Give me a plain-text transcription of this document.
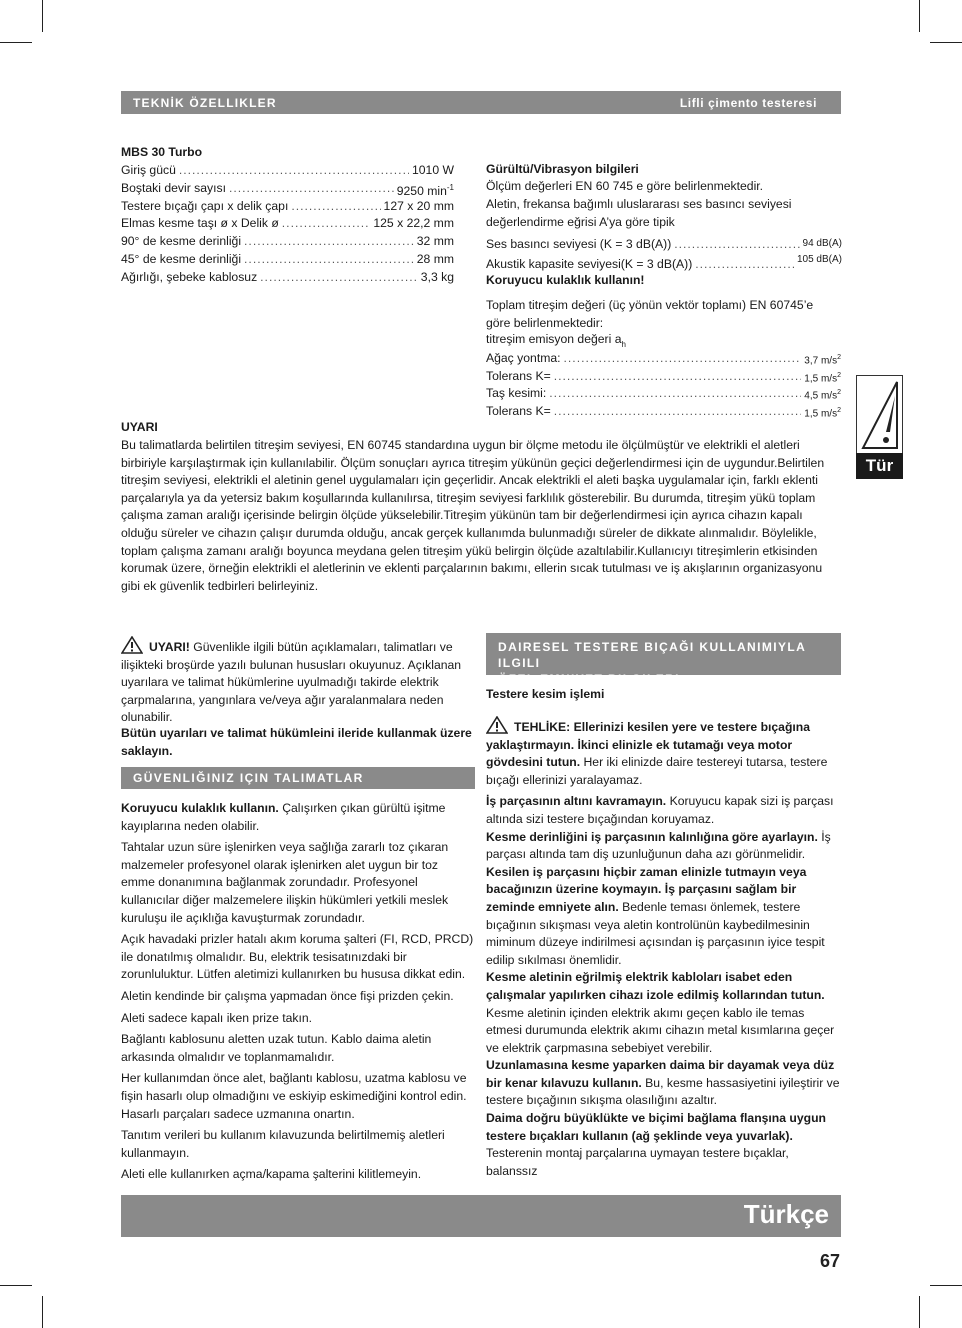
TEKNİK ÖZELLIKLER	Lifli çimento testeresi
MBS 30 Turbo
Giriş gücü .....	1010 W
Boştaki devir sayısı .....	9250 $\min^{-1}$
Testere bıçağı çapı x delik çapı .....	127 x 20 mm
Elmas kesme taşı ø x Delik ø .....	125 x 22,2 mm
90° de kesme derinliği .....	32 mm
45° de kesme derinliği .....	28 mm
Ağırlığı, şebeke kablosuz .....	3,3 kg
Gürültü/Vibrasyon bilgileri
Ölçüm değerleri EN 60 745 e göre belirlenmektedir.
Aletin, frekansa bağımlı uluslararası ses basıncı seviyesi değerlendirme eğrisi A’ya göre tipik
Ses basıncı seviyesi (K = 3 dB(A)) .....	94 dB(A)
Akustik kapasite seviyesi(K = 3 dB(A)) .....	105 dB(A)
Koruyucu kulaklık kullanın!
Toplam titreşim değeri (üç yönün vektör toplamı) EN 60745’e göre belirlenmektedir:
titreşim emisyon değeri $a_h$
Ağaç yontma: .....	3,7 $m/s^2$
Tolerans K= .....	1,5 $m/s^2$
Taş kesimi: .....	4,5 $m/s^2$
Tolerans K= .....	1,5 $m/s^2$
Tür
UYARI
Bu talimatlarda belirtilen titreşim seviyesi, EN 60745 standardına uygun bir ölçme metodu ile ölçülmüştür ve elektrikli el aletleri birbiriyle karşılaştırmak için kullanılabilir. Ölçüm sonuçları ayrıca titreşim yükünün geçici değerlendirmesi için de uygundur.Belirtilen titreşim seviyesi, elektrikli el aletinin genel uygulamaları için geçerlidir. Ancak elektrikli el aleti başka uygulamalar için, farklı eklenti parçalarıyla ya da yetersiz bakım koşullarında kullanılırsa, titreşim seviyesi farklılık gösterebilir. Bu durumda, titreşim yükü toplam çalışma zaman aralığı içerisinde belirgin ölçüde yükselebilir.Titreşim yükünün tam bir değerlendirmesi için ayrıca cihazın kapalı olduğu süreler ve cihazın çalışır durumda olduğu, ancak gerçek kullanımda bulunmadığı süreler de dikkate alınmalıdır. Böylelikle, toplam çalışma zamanı aralığı boyunca meydana gelen titreşim yükü belirgin ölçüde azaltılabilir.Kullanıcıyı titreşimlerin etkisinden korumak üzere, örneğin elektrikli el aletlerinin ve eklenti parçalarının bakımı, ellerin sıcak tutulması ve iş akışlarının organizasyonu gibi ek güvenlik tedbirleri belirleyiniz.
UYARI! Güvenlikle ilgili bütün açıklamaları, talimatları ve ilişikteki broşürde yazılı bulunan hususları okuyunuz. Açıklanan uyarılara ve talimat hükümlerine uyulmadığı takirde elektrik çarpmalarına, yangınlara ve/veya ağır yaralanmalara neden olunabilir.
Bütün uyarıları ve talimat hükümleini ileride kullanmak üzere saklayın.
GÜVENLIĞINIZ IÇIN TALIMATLAR

Koruyucu kulaklık kullanın. Çalışırken çıkan gürültü işitme kayıplarına neden olabilir.

Tahtalar uzun süre işlenirken veya sağlığa zararlı toz çıkaran malzemeler profesyonel olarak işlenirken alet uygun bir toz emme donanımına bağlanmak zorundadır. Profesyonel kullanıcılar diğer malzemelere ilişkin hükümleri yetkili meslek kuruluşu ile açıklığa kavuşturmak zorundadır.

Açık havadaki prizler hatalı akım koruma şalteri (FI, RCD, PRCD) ile donatılmış olmalıdır. Bu, elektrik tesisatınızdaki bir zorunluluktur. Lütfen aletimizi kullanırken bu hususa dikkat edin.

Aletin kendinde bir çalışma yapmadan önce fişi prizden çekin.

Aleti sadece kapalı iken prize takın.

Bağlantı kablosunu aletten uzak tutun. Kablo daima aletin arkasında olmalıdır ve toplanmamalıdır.

Her kullanımdan önce alet, bağlantı kablosu, uzatma kablosu ve fişin hasarlı olup olmadığını ve eskiyip eskimediğini kontrol edin. Hasarlı parçaları sadece uzmanına onartın.

Tanıtım verileri bu kullanım kılavuzunda belirtilmemiş aletleri kullanmayın.

Aleti elle kullanırken açma/kapama şalterini kilitlemeyin.

DAIRESEL TESTERE BIÇAĞI KULLANIMIYLA ILGILI
ÖZEL EMNIYET BILGILERI
Testere kesim işlemi

TEHLİKE: Ellerinizi kesilen yere ve testere bıçağına yaklaştırmayın. İkinci elinizle ek tutamağı veya motor gövdesini tutun. Her iki elinizde daire testereyi tutarsa, testere bıçağı ellerinizi yaralayamaz.

İş parçasının altını kavramayın. Koruyucu kapak sizi iş parçası altında sizi testere bıçağından koruyamaz.

Kesme derinliğini iş parçasının kalınlığına göre ayarlayın. İş parçası altında tam diş uzunluğunun daha azı görünmelidir.

Kesilen iş parçasını hiçbir zaman elinizle tutmayın veya bacağınızın üzerine koymayın. İş parçasını sağlam bir zeminde emniyete alın. Bedenle teması önlemek, testere bıçağının sıkışması veya aletin kontrolünün kaybedilmesinin miminum düzeye indirilmesi açısından iş parçasının iyice tespit edilip sıkılması önemlidir.

Kesme aletinin eğrilmiş elektrik kabloları isabet eden çalışmalar yapılırken cihazı izole edilmiş kollarından tutun. Kesme aletinin içinden elektrik akımı geçen kablo ile temas etmesi durumunda elektrik akımı cihazın metal kısımlarına geçer ve elektrik çarpmasına sebebiyet verebilir.

Uzunlamasına kesme yaparken daima bir dayamak veya düz bir kenar kılavuzu kullanın. Bu, kesme hassasiyetini iyileştirir ve testere bıçağının sıkışma olasılığını azaltır.

Daima doğru büyüklükte ve biçimi bağlama flanşına uygun testere bıçakları kullanın (ağ şeklinde veya yuvarlak).

Testerenin montaj parçalarına uymayan testere bıçaklar, balanssız

Türkçe
67
